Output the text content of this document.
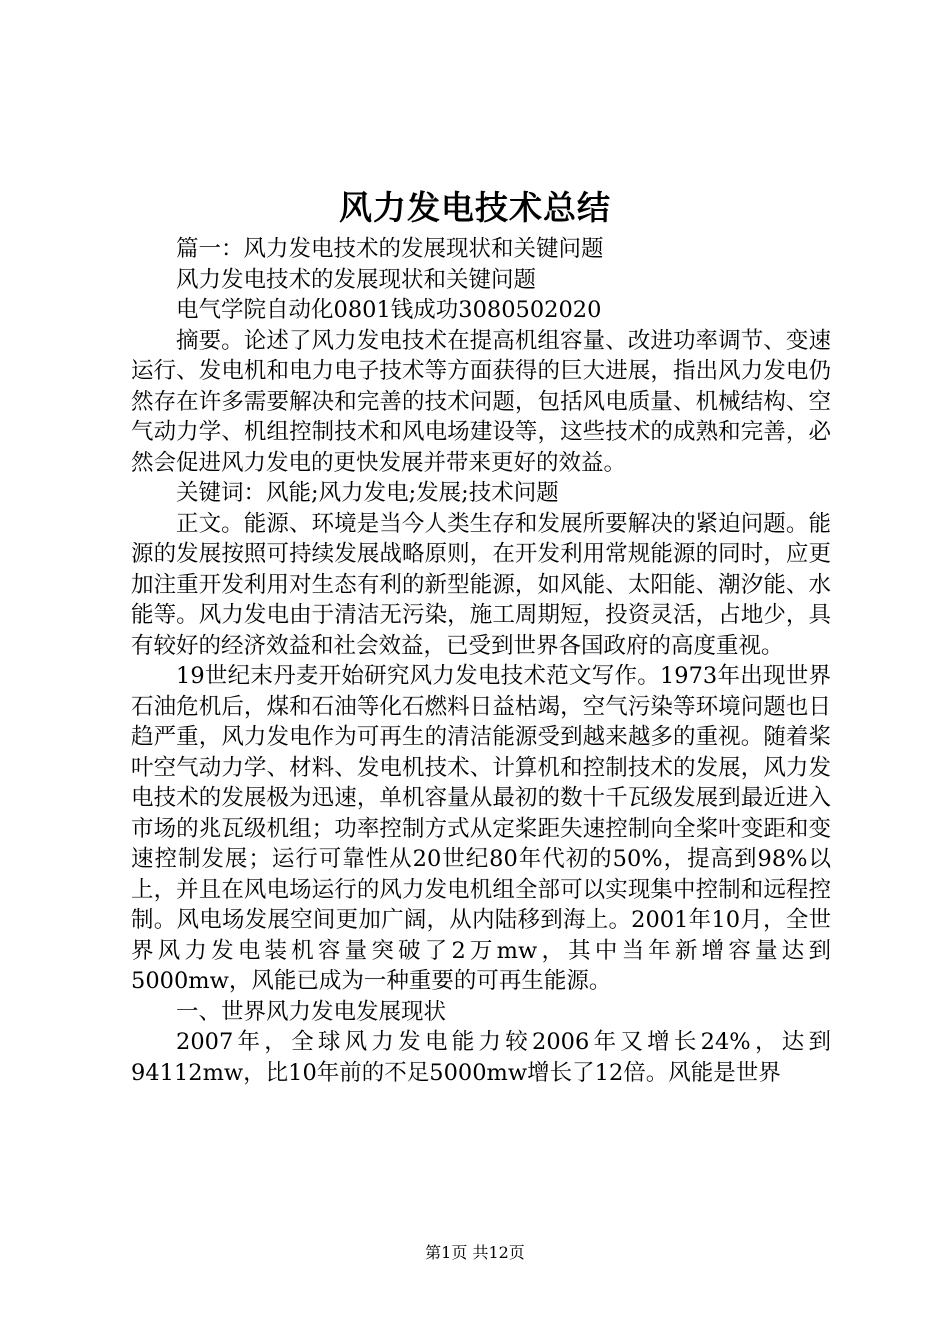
风力发电技术总结

篇一：风力发电技术的发展现状和关键问题

风力发电技术的发展现状和关键问题

电气学院自动化0801钱成功3080502020

摘要。论述了风力发电技术在提高机组容量、改进功率调节、变速运行、发电机和电力电子技术等方面获得的巨大进展，指出风力发电仍然存在许多需要解决和完善的技术问题，包括风电质量、机械结构、空气动力学、机组控制技术和风电场建设等，这些技术的成熟和完善，必然会促进风力发电的更快发展并带来更好的效益。

关键词：风能;风力发电;发展;技术问题

正文。能源、环境是当今人类生存和发展所要解决的紧迫问题。能源的发展按照可持续发展战略原则，在开发利用常规能源的同时，应更加注重开发利用对生态有利的新型能源，如风能、太阳能、潮汐能、水能等。风力发电由于清洁无污染，施工周期短，投资灵活，占地少，具有较好的经济效益和社会效益，已受到世界各国政府的高度重视。

19世纪末丹麦开始研究风力发电技术范文写作。1973年出现世界石油危机后，煤和石油等化石燃料日益枯竭，空气污染等环境问题也日趋严重，风力发电作为可再生的清洁能源受到越来越多的重视。随着桨叶空气动力学、材料、发电机技术、计算机和控制技术的发展，风力发电技术的发展极为迅速，单机容量从最初的数十千瓦级发展到最近进入市场的兆瓦级机组；功率控制方式从定桨距失速控制向全桨叶变距和变速控制发展；运行可靠性从20世纪80年代初的50%，提高到98%以上，并且在风电场运行的风力发电机组全部可以实现集中控制和远程控制。风电场发展空间更加广阔，从内陆移到海上。2001年10月，全世界风力发电装机容量突破了2万mw，其中当年新增容量达到5000mw，风能已成为一种重要的可再生能源。

一、世界风力发电发展现状

2007年，全球风力发电能力较2006年又增长24%，达到94112mw，比10年前的不足5000mw增长了12倍。风能是世界

第1页 共12页
